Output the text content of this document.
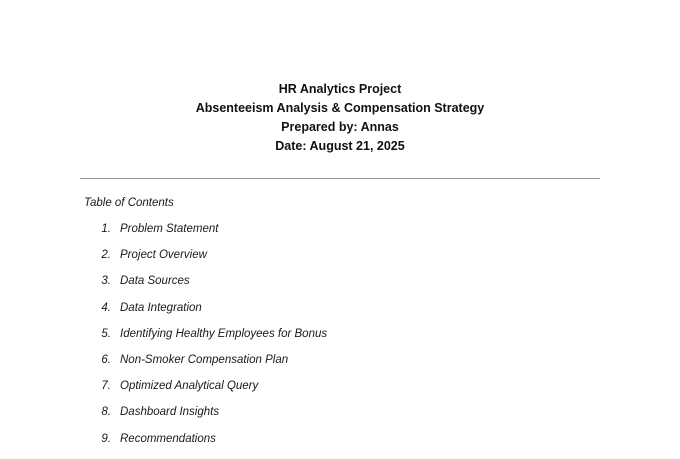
HR Analytics Project
Absenteeism Analysis & Compensation Strategy
Prepared by: Annas
Date: August 21, 2025
Table of Contents
1. Problem Statement
2. Project Overview
3. Data Sources
4. Data Integration
5. Identifying Healthy Employees for Bonus
6. Non-Smoker Compensation Plan
7. Optimized Analytical Query
8. Dashboard Insights
9. Recommendations
